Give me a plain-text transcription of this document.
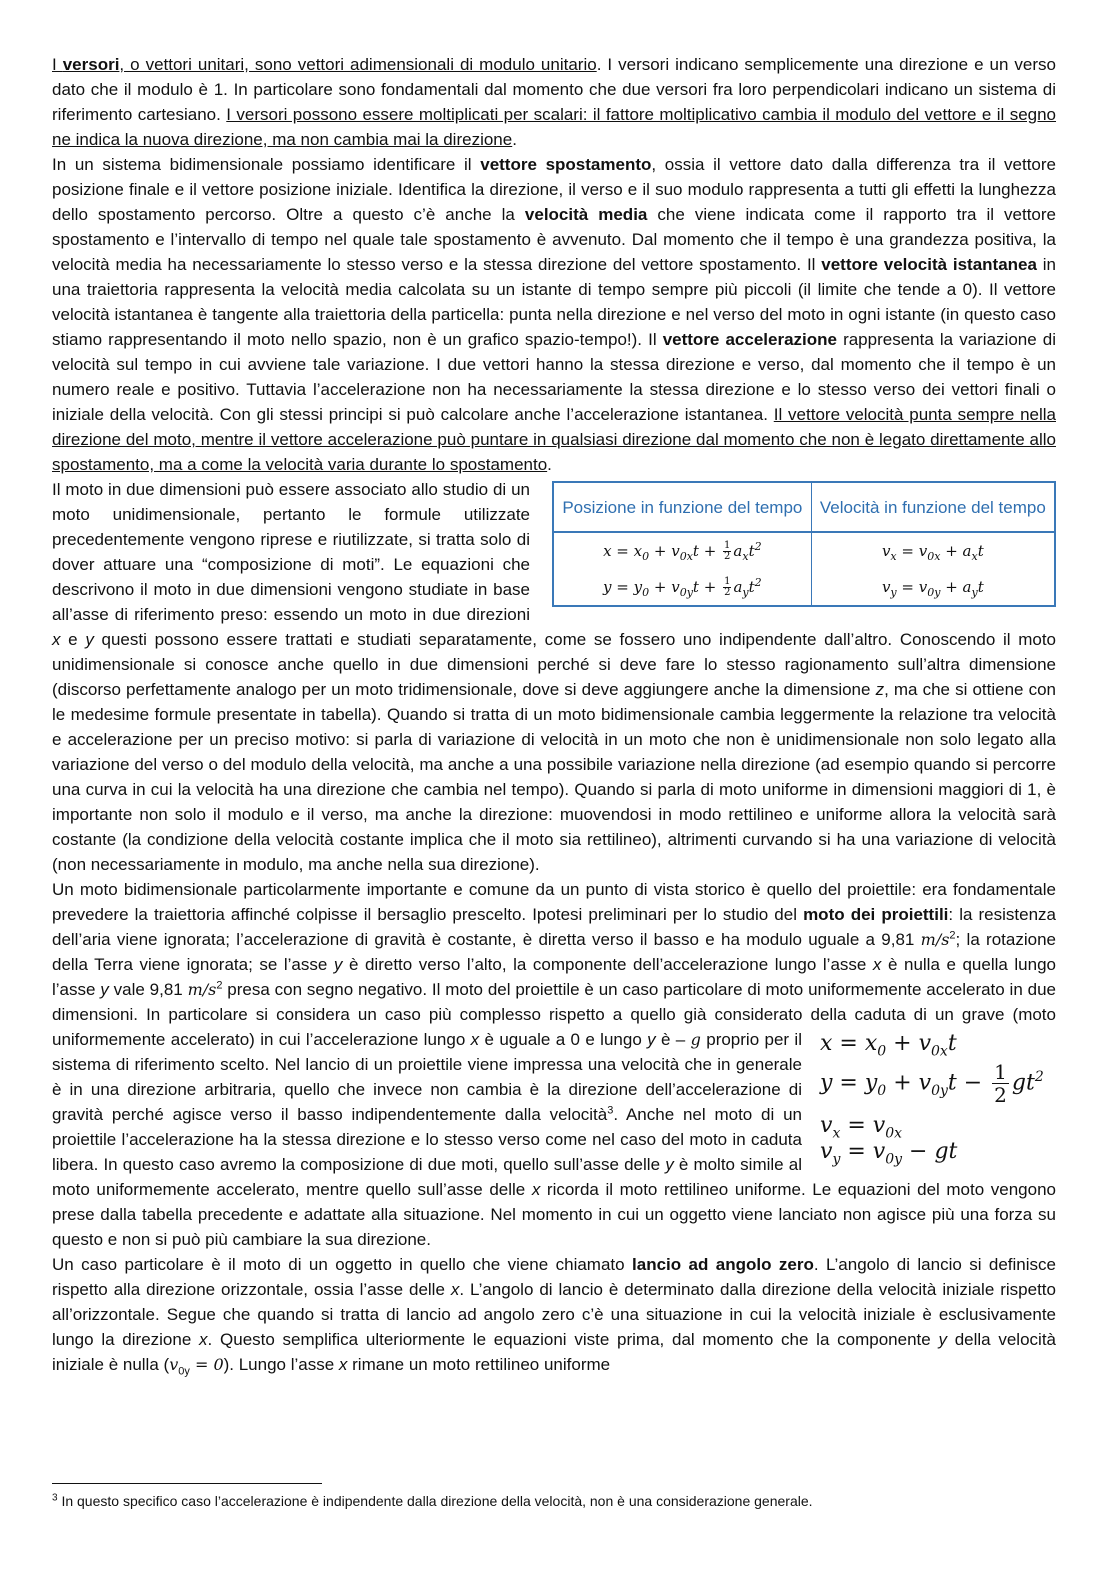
I versori, o vettori unitari, sono vettori adimensionali di modulo unitario. I versori indicano semplicemente una direzione e un verso dato che il modulo è 1. In particolare sono fondamentali dal momento che due versori fra loro perpendicolari indicano un sistema di riferimento cartesiano. I versori possono essere moltiplicati per scalari: il fattore moltiplicativo cambia il modulo del vettore e il segno ne indica la nuova direzione, ma non cambia mai la direzione.

In un sistema bidimensionale possiamo identificare il vettore spostamento, ossia il vettore dato dalla differenza tra il vettore posizione finale e il vettore posizione iniziale. Identifica la direzione, il verso e il suo modulo rappresenta a tutti gli effetti la lunghezza dello spostamento percorso. Oltre a questo c’è anche la velocità media che viene indicata come il rapporto tra il vettore spostamento e l’intervallo di tempo nel quale tale spostamento è avvenuto. Dal momento che il tempo è una grandezza positiva, la velocità media ha necessariamente lo stesso verso e la stessa direzione del vettore spostamento. Il vettore velocità istantanea in una traiettoria rappresenta la velocità media calcolata su un istante di tempo sempre più piccoli (il limite che tende a 0). Il vettore velocità istantanea è tangente alla traiettoria della particella: punta nella direzione e nel verso del moto in ogni istante (in questo caso stiamo rappresentando il moto nello spazio, non è un grafico spazio-tempo!). Il vettore accelerazione rappresenta la variazione di velocità sul tempo in cui avviene tale variazione. I due vettori hanno la stessa direzione e verso, dal momento che il tempo è un numero reale e positivo. Tuttavia l’accelerazione non ha necessariamente la stessa direzione e lo stesso verso dei vettori finali o iniziale della velocità. Con gli stessi principi si può calcolare anche l’accelerazione istantanea. Il vettore velocità punta sempre nella direzione del moto, mentre il vettore accelerazione può puntare in qualsiasi direzione dal momento che non è legato direttamente allo spostamento, ma a come la velocità varia durante lo spostamento.

Posizione in funzione del tempo	Velocità in funzione del tempo
$x = x_0 + v_{0x}t + \frac{1}{2} a_xt^2$	$v_x = v_{0x} + a_xt$
$y = y_0 + v_{0y}t + \frac{1}{2} a_yt^2$	$v_y = v_{0y} + a_yt$
Il moto in due dimensioni può essere associato allo studio di un moto unidimensionale, pertanto le formule utilizzate precedentemente vengono riprese e riutilizzate, si tratta solo di dover attuare una “composizione di moti”. Le equazioni che descrivono il moto in due dimensioni vengono studiate in base all’asse di riferimento preso: essendo un moto in due direzioni x e y questi possono essere trattati e studiati separatamente, come se fossero uno indipendente dall’altro. Conoscendo il moto unidimensionale si conosce anche quello in due dimensioni perché si deve fare lo stesso ragionamento sull’altra dimensione (discorso perfettamente analogo per un moto tridimensionale, dove si deve aggiungere anche la dimensione z, ma che si ottiene con le medesime formule presentate in tabella). Quando si tratta di un moto bidimensionale cambia leggermente la relazione tra velocità e accelerazione per un preciso motivo: si parla di variazione di velocità in un moto che non è unidimensionale non solo legato alla variazione del verso o del modulo della velocità, ma anche a una possibile variazione nella direzione (ad esempio quando si percorre una curva in cui la velocità ha una direzione che cambia nel tempo). Quando si parla di moto uniforme in dimensioni maggiori di 1, è importante non solo il modulo e il verso, ma anche la direzione: muovendosi in modo rettilineo e uniforme allora la velocità sarà costante (la condizione della velocità costante implica che il moto sia rettilineo), altrimenti curvando si ha una variazione di velocità (non necessariamente in modulo, ma anche nella sua direzione).

Un moto bidimensionale particolarmente importante e comune da un punto di vista storico è quello del proiettile: era fondamentale prevedere la traiettoria affinché colpisse il bersaglio prescelto. Ipotesi preliminari per lo studio del moto dei proiettili: la resistenza dell’aria viene ignorata; l’accelerazione di gravità è costante, è diretta verso il basso e ha modulo uguale a 9,81 $m/s^2$; la rotazione della Terra viene ignorata; se l’asse y è diretto verso l’alto, la componente dell’accelerazione lungo l’asse x è nulla e quella lungo l’asse y vale 9,81 $m/s^2$ presa con segno negativo. Il moto del proiettile è un caso particolare di moto uniformemente accelerato in due dimensioni. In particolare si considera un caso più complesso rispetto a quello già considerato della caduta di un grave (moto uniformemente accelerato) in cui l’accelerazione lungo	$x = x_0 + v_{0x}t$
$y = y_0 + v_{0y}t - \frac{1}{2} gt^2$
$v_x = v_{0x}$
$v_y = v_{0y}$ − gt
x è uguale a 0 e lungo y è – g proprio per il sistema di riferimento scelto. Nel lancio di un proiettile viene impressa una velocità che in generale è in una direzione arbitraria, quello che invece non cambia è la direzione dell’accelerazione di gravità perché agisce verso il basso indipendentemente dalla velocità$^3$. Anche nel moto di un proiettile l’accelerazione ha la stessa direzione e lo stesso verso come nel caso del moto in caduta libera. In questo caso avremo la composizione di due moti, quello sull’asse delle y è molto simile al moto uniformemente accelerato, mentre quello sull’asse delle x ricorda il moto rettilineo uniforme. Le equazioni del moto vengono prese dalla tabella precedente e adattate alla situazione. Nel momento in cui un oggetto viene lanciato non agisce più una forza su questo e non si può più cambiare la sua direzione.

Un caso particolare è il moto di un oggetto in quello che viene chiamato lancio ad angolo zero. L’angolo di lancio si definisce rispetto alla direzione orizzontale, ossia l’asse delle x. L’angolo di lancio è determinato dalla direzione della velocità iniziale rispetto all’orizzontale. Segue che quando si tratta di lancio ad angolo zero c’è una situazione in cui la velocità iniziale è esclusivamente lungo la direzione x. Questo semplifica ulteriormente le equazioni viste prima, dal momento che la componente y della velocità iniziale è nulla $(v_{0y} = 0)$. Lungo l’asse x rimane un moto rettilineo uniforme

$^3$ In questo specifico caso l’accelerazione è indipendente dalla direzione della velocità, non è una considerazione generale.
